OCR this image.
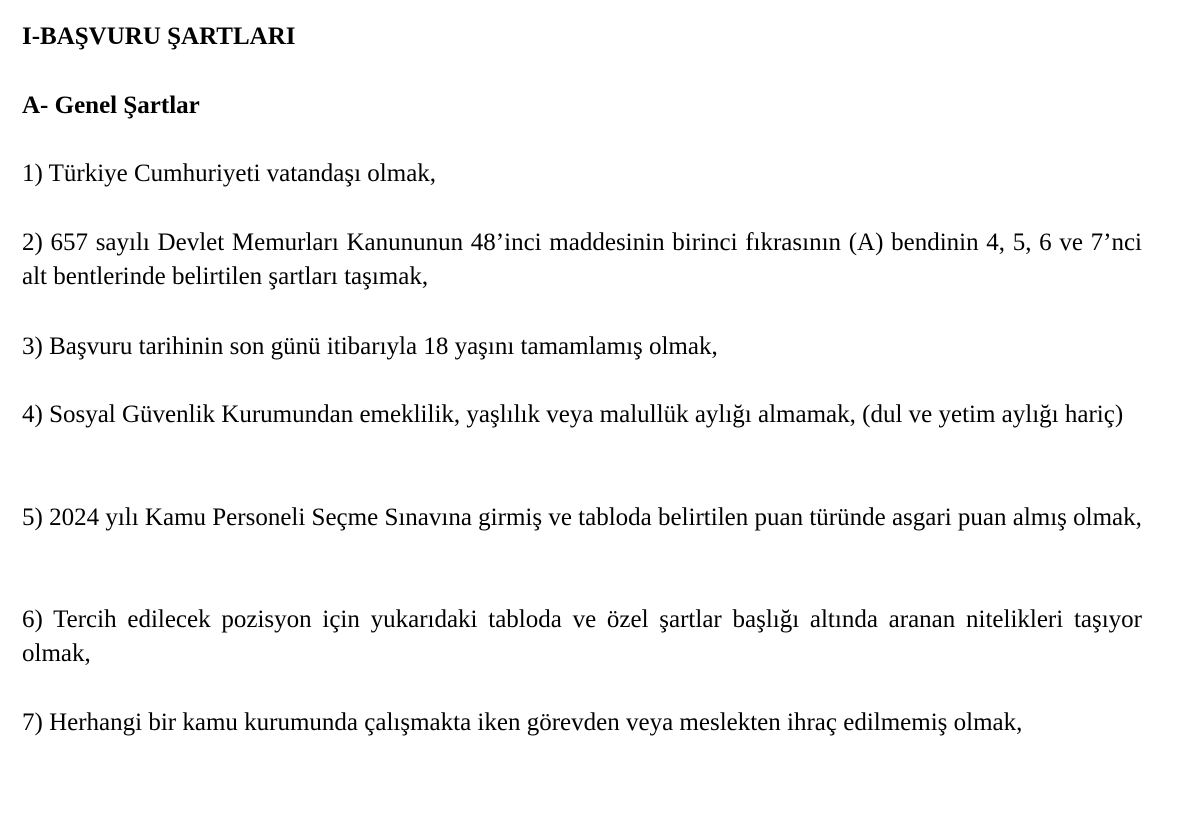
I-BAŞVURU ŞARTLARI
A- Genel Şartlar
1) Türkiye Cumhuriyeti vatandaşı olmak,
2) 657 sayılı Devlet Memurları Kanununun 48’inci maddesinin birinci fıkrasının (A) bendinin 4, 5, 6 ve 7’nci alt bentlerinde belirtilen şartları taşımak,
3) Başvuru tarihinin son günü itibarıyla 18 yaşını tamamlamış olmak,
4) Sosyal Güvenlik Kurumundan emeklilik, yaşlılık veya malullük aylığı almamak, (dul ve yetim aylığı hariç)
5) 2024 yılı Kamu Personeli Seçme Sınavına girmiş ve tabloda belirtilen puan türünde asgari puan almış olmak,
6) Tercih edilecek pozisyon için yukarıdaki tabloda ve özel şartlar başlığı altında aranan nitelikleri taşıyor olmak,
7) Herhangi bir kamu kurumunda çalışmakta iken görevden veya meslekten ihraç edilmemiş olmak,
